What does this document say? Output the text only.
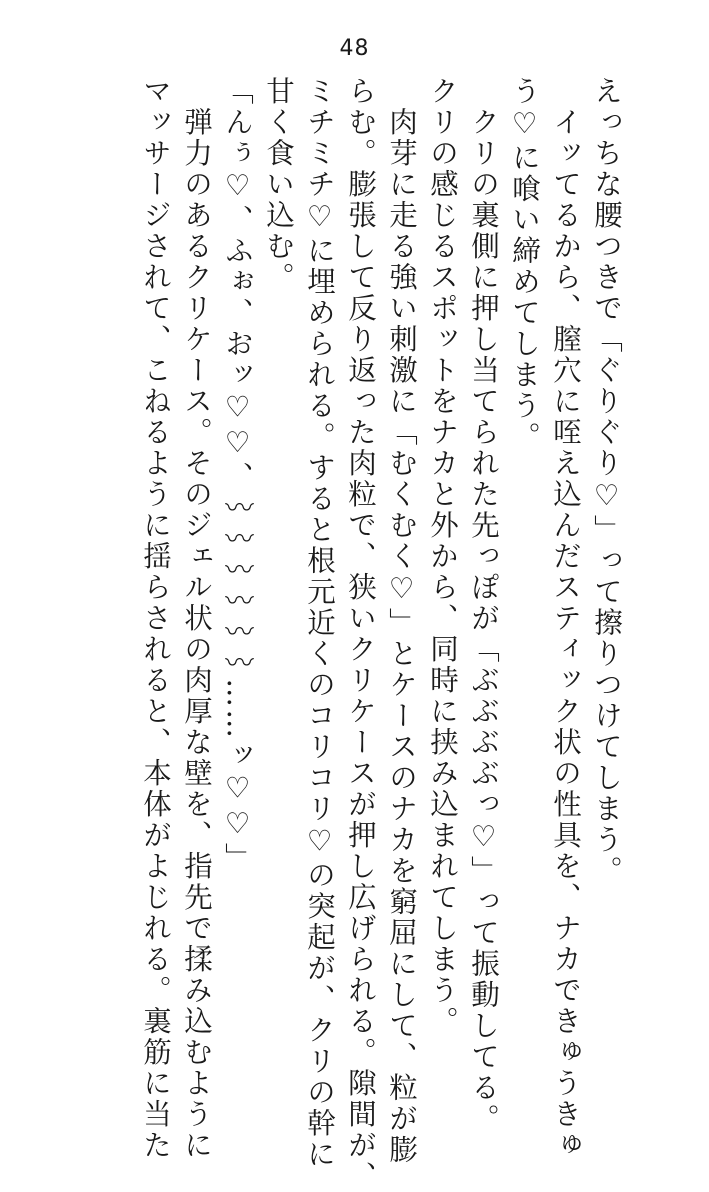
48
えっちな腰つきで「ぐりぐり♡」って擦りつけてしまう。
　イッてるから、膣穴に咥え込んだスティック状の性具を、ナカできゅうきゅ
う♡に喰い締めてしまう。
　クリの裏側に押し当てられた先っぽが「ぶぶぶぶっ♡」って振動してる。
クリの感じるスポットをナカと外から、同時に挟み込まれてしまう。
　肉芽に走る強い刺激に「むくむく♡」とケースのナカを窮屈にして、粒が膨
らむ。膨張して反り返った肉粒で、狭いクリケースが押し広げられる。隙間が、
ミチミチ♡に埋められる。すると根元近くのコリコリ♡の突起が、クリの幹に
甘く食い込む。
「んぅ♡、ふぉ、おッ♡♡、〰〰〰〰〰〰……ッ♡♡」
　弾力のあるクリケース。そのジェル状の肉厚な壁を、指先で揉み込むように
マッサージされて、こねるように揺らされると、本体がよじれる。裏筋に当た
